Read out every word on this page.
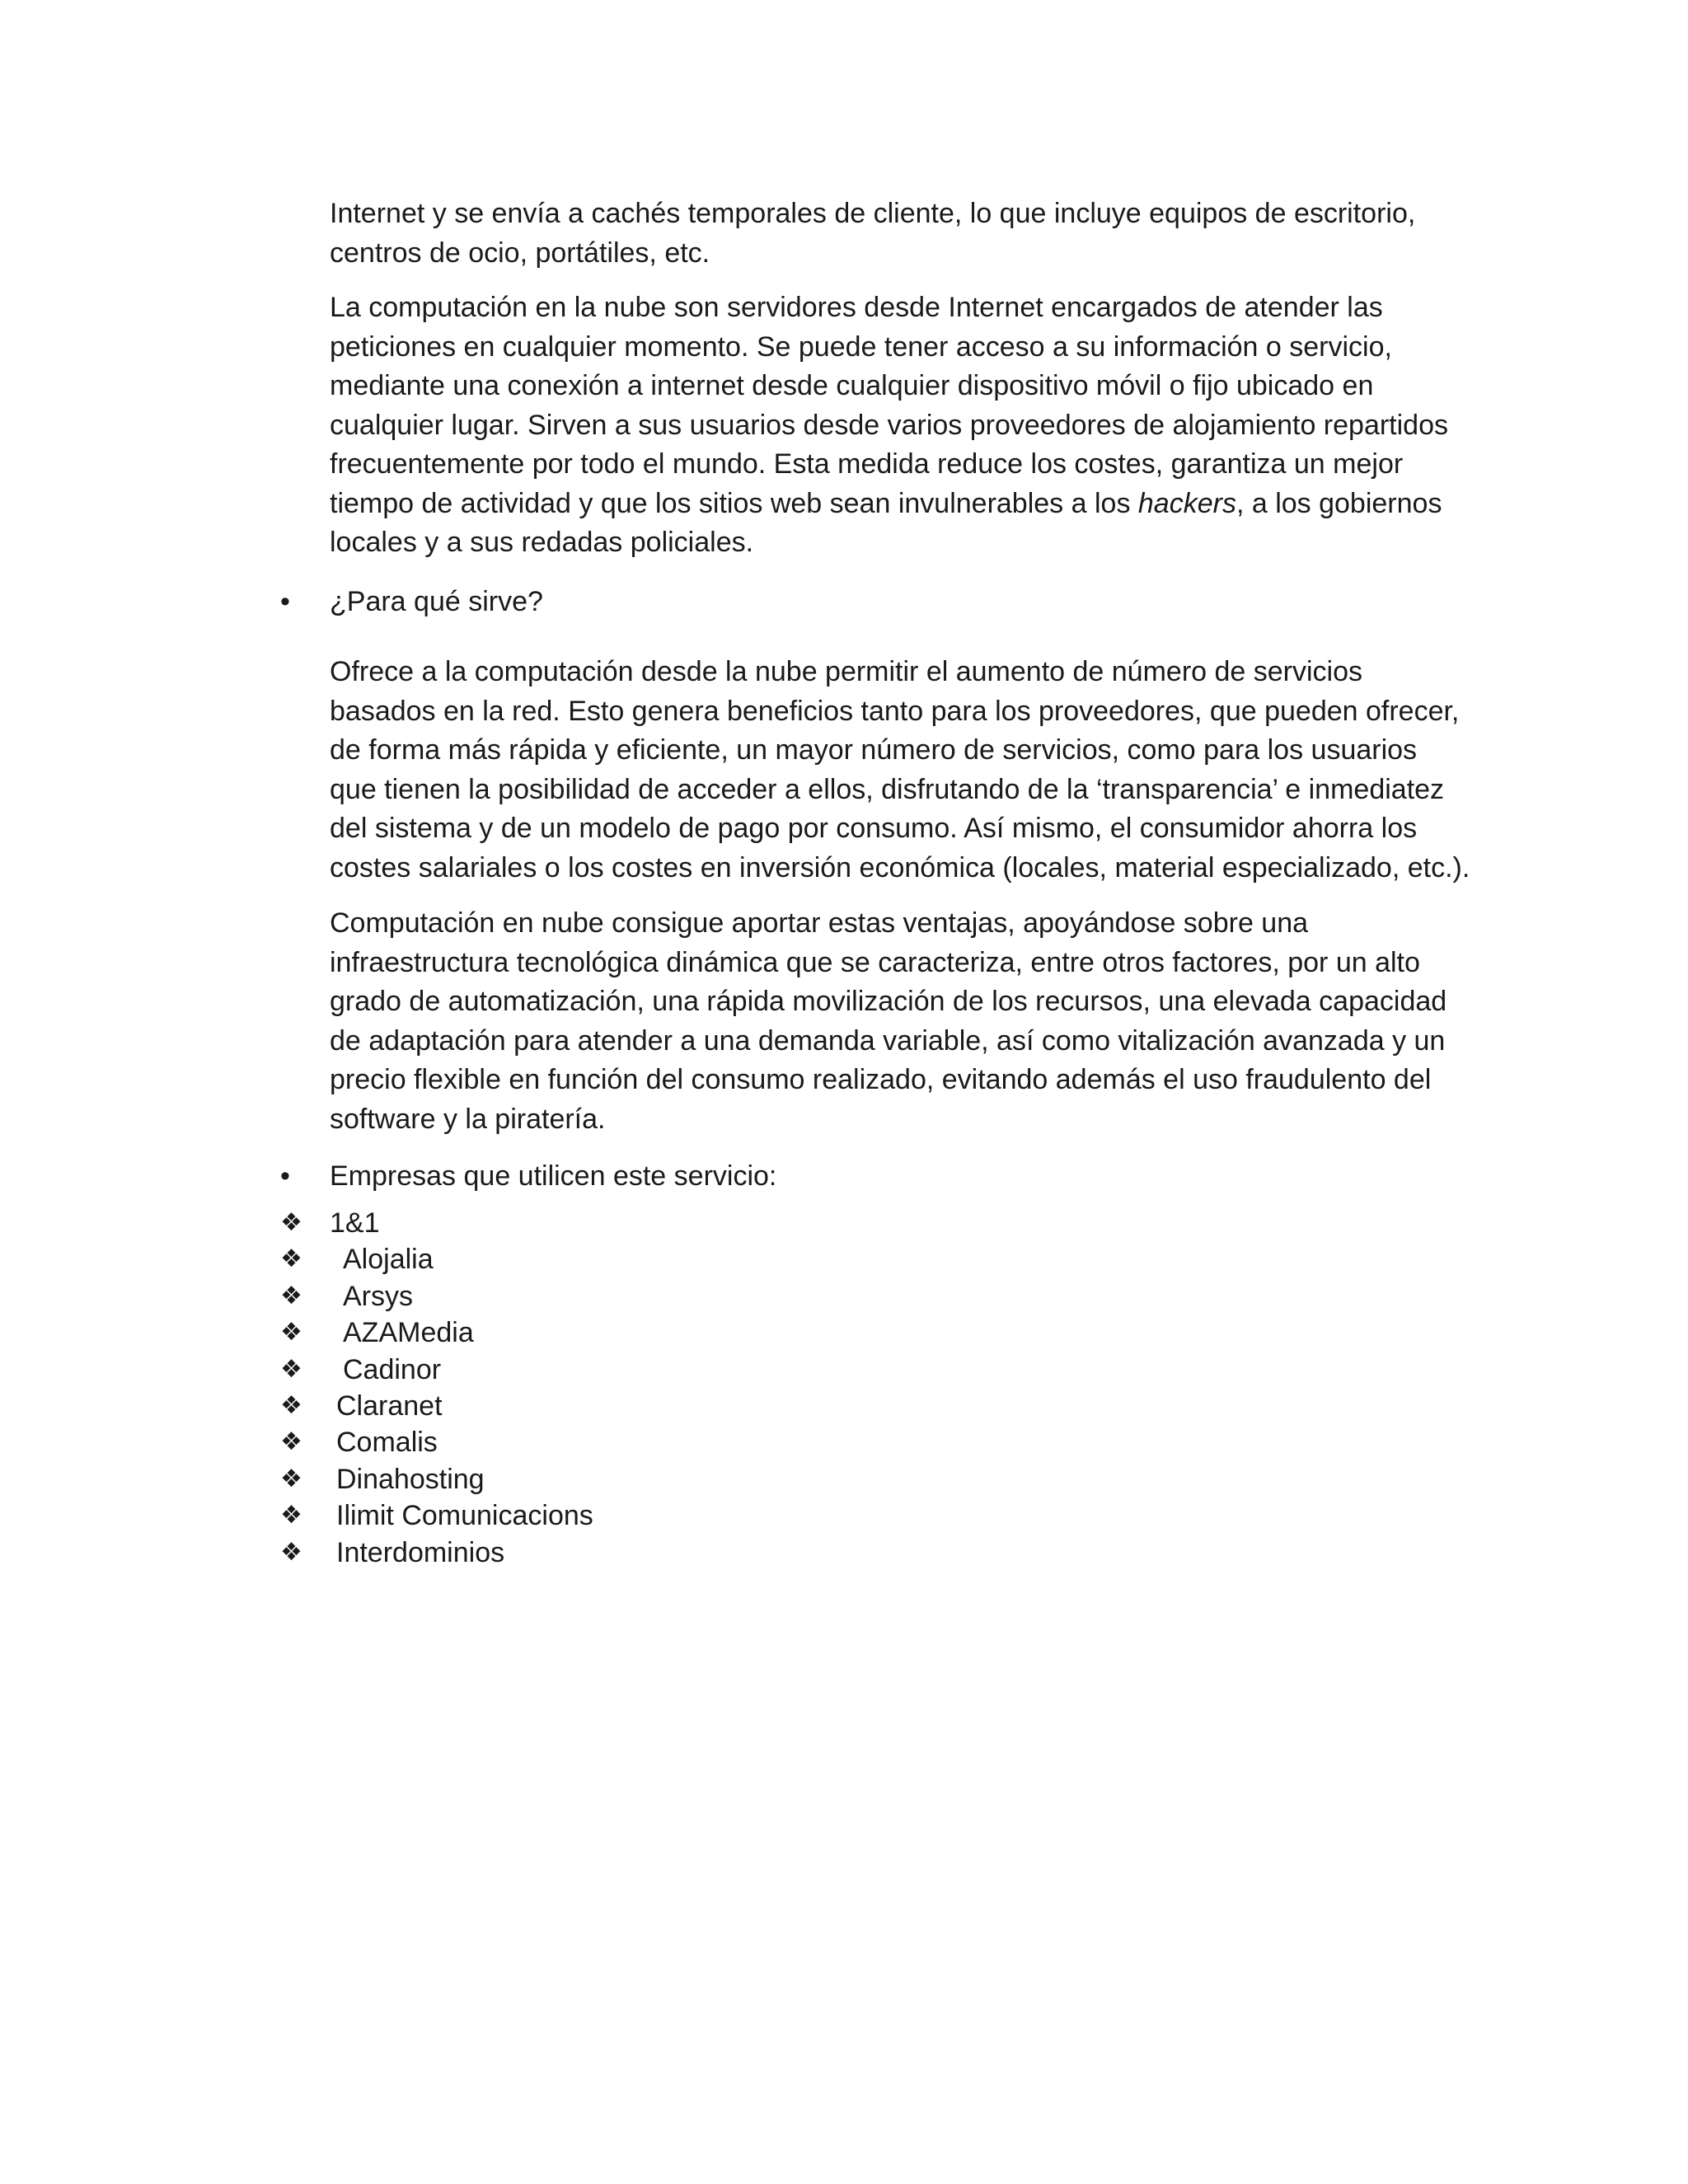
Internet y se envía a cachés temporales de cliente, lo que incluye equipos de escritorio,
centros de ocio, portátiles, etc.

La computación en la nube son servidores desde Internet encargados de atender las
peticiones en cualquier momento. Se puede tener acceso a su información o servicio,
mediante una conexión a internet desde cualquier dispositivo móvil o fijo ubicado en
cualquier lugar. Sirven a sus usuarios desde varios proveedores de alojamiento repartidos
frecuentemente por todo el mundo. Esta medida reduce los costes, garantiza un mejor
tiempo de actividad y que los sitios web sean invulnerables a los hackers, a los gobiernos
locales y a sus redadas policiales.

•	¿Para qué sirve?

Ofrece a la computación desde la nube permitir el aumento de número de servicios
basados en la red. Esto genera beneficios tanto para los proveedores, que pueden ofrecer,
de forma más rápida y eficiente, un mayor número de servicios, como para los usuarios
que tienen la posibilidad de acceder a ellos, disfrutando de la ‘transparencia’ e inmediatez
del sistema y de un modelo de pago por consumo. Así mismo, el consumidor ahorra los
costes salariales o los costes en inversión económica (locales, material especializado, etc.).

Computación en nube consigue aportar estas ventajas, apoyándose sobre una
infraestructura tecnológica dinámica que se caracteriza, entre otros factores, por un alto
grado de automatización, una rápida movilización de los recursos, una elevada capacidad
de adaptación para atender a una demanda variable, así como vitalización avanzada y un
precio flexible en función del consumo realizado, evitando además el uso fraudulento del
software y la piratería.

•	Empresas que utilicen este servicio:
❖ 1&1
❖	Alojalia
❖	Arsys
❖	AZAMedia
❖	Cadinor
❖	Claranet
❖	Comalis
❖	Dinahosting
❖	Ilimit Comunicacions
❖	Interdominios
